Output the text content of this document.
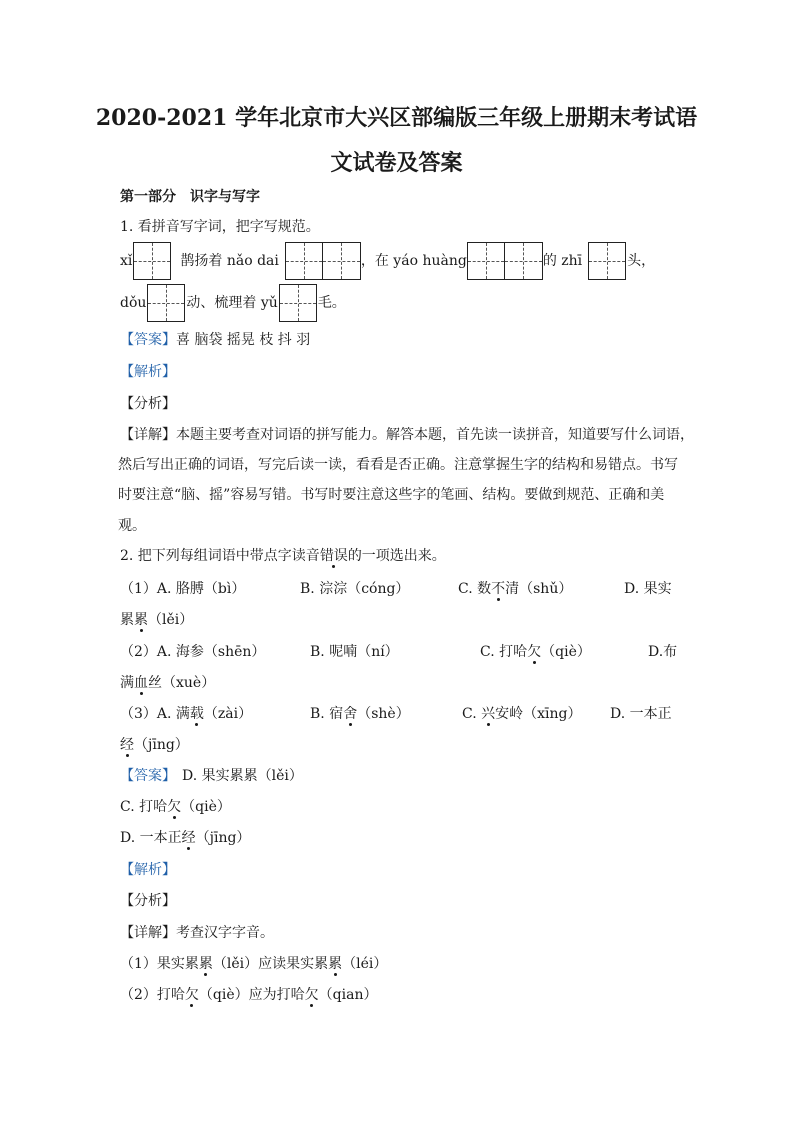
2020-2021 学年北京市大兴区部编版三年级上册期末考试语
文试卷及答案
第一部分　识字与写字
1. 看拼音写字词，把字写规范。
xǐ	鹊扬着 nǎo dai	，在 yáo huàng	的 zhī	头，
dǒu	动、梳理着 yǔ	毛。
【答案】喜 脑袋 摇晃 枝 抖 羽
【解析】
【分析】
【详解】本题主要考查对词语的拼写能力。解答本题，首先读一读拼音，知道要写什么词语，
然后写出正确的词语，写完后读一读，看看是否正确。注意掌握生字的结构和易错点。书写
时要注意“脑、摇”容易写错。书写时要注意这些字的笔画、结构。要做到规范、正确和美
观。
2. 把下列每组词语中带点字读音错误的一项选出来。
（1）A. 胳膊（bì）	B. 淙淙（cóng）	C. 数不清（shǔ）	D. 果实
累累（lěi）
（2）A. 海参（shēn）	B. 呢喃（ní）	C. 打哈欠（qiè）	D.布
满血丝（xuè）
（3）A. 满载（zài）	B. 宿舍（shè）	C. 兴安岭（xīng） D. 一本正
经（jīng）
【答案】 D. 果实累累（lěi）
C. 打哈欠（qiè）
D. 一本正经（jīng）
【解析】
【分析】
【详解】考查汉字字音。
（1）果实累累（lěi）应读果实累累（léi）
（2）打哈欠（qiè）应为打哈欠（qian）
